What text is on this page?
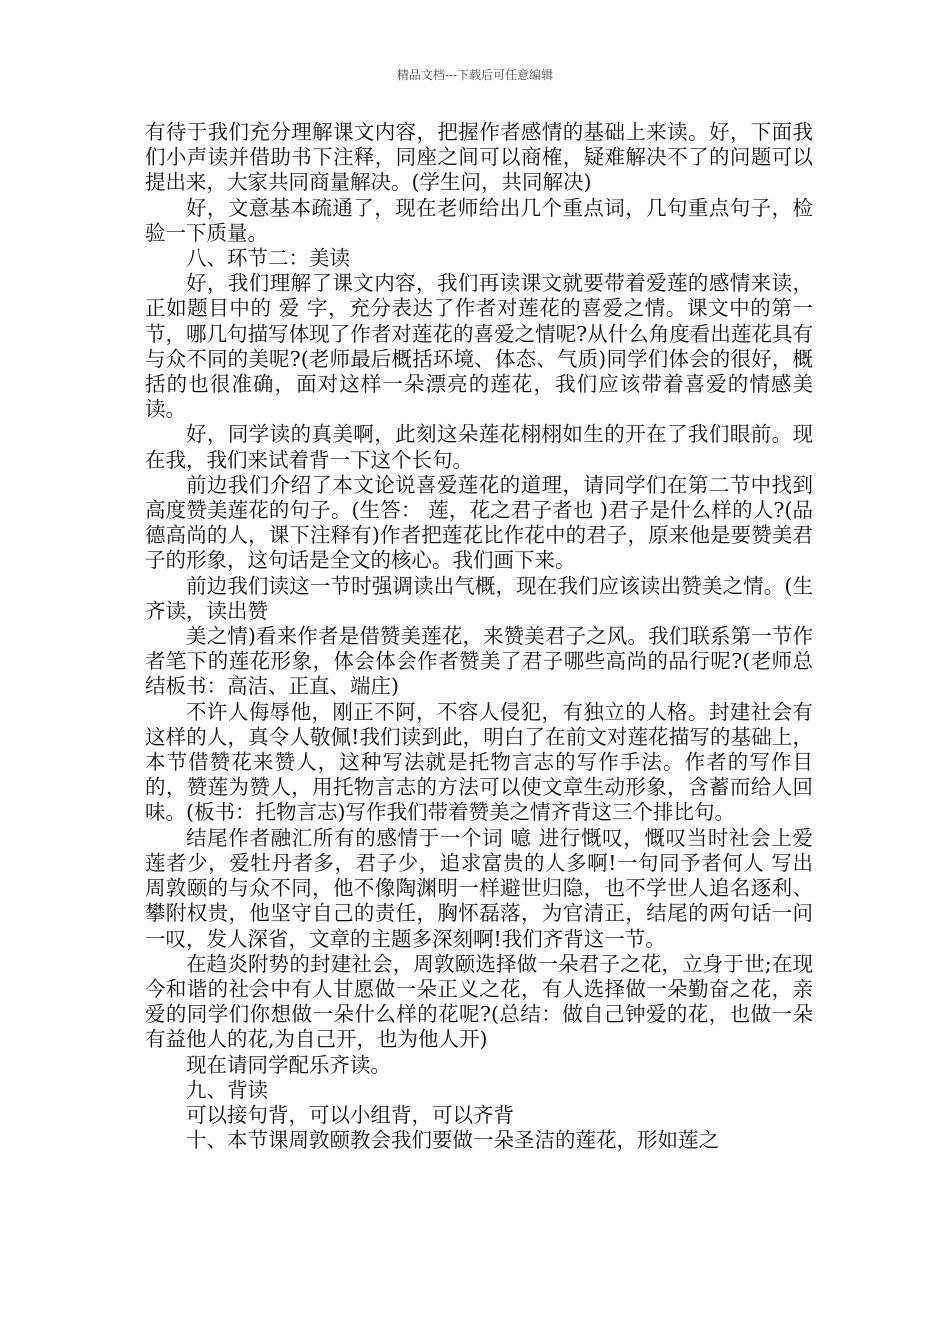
精品文档---下载后可任意编辑

有待于我们充分理解课文内容，把握作者感情的基础上来读。好，下面我们小声读并借助书下注释，同座之间可以商榷，疑难解决不了的问题可以提出来，大家共同商量解决。(学生问，共同解决)

好，文意基本疏通了，现在老师给出几个重点词，几句重点句子，检验一下质量。

八、环节二：美读

好，我们理解了课文内容，我们再读课文就要带着爱莲的感情来读，正如题目中的 爱 字，充分表达了作者对莲花的喜爱之情。课文中的第一节，哪几句描写体现了作者对莲花的喜爱之情呢?从什么角度看出莲花具有与众不同的美呢?(老师最后概括环境、体态、气质)同学们体会的很好，概括的也很准确，面对这样一朵漂亮的莲花，我们应该带着喜爱的情感美读。

好，同学读的真美啊，此刻这朵莲花栩栩如生的开在了我们眼前。现在我，我们来试着背一下这个长句。

前边我们介绍了本文论说喜爱莲花的道理，请同学们在第二节中找到高度赞美莲花的句子。(生答： 莲，花之君子者也 )君子是什么样的人?(品德高尚的人，课下注释有)作者把莲花比作花中的君子，原来他是要赞美君子的形象，这句话是全文的核心。我们画下来。

前边我们读这一节时强调读出气概，现在我们应该读出赞美之情。(生齐读，读出赞

美之情)看来作者是借赞美莲花，来赞美君子之风。我们联系第一节作者笔下的莲花形象，体会体会作者赞美了君子哪些高尚的品行呢?(老师总结板书：高洁、正直、端庄)

不许人侮辱他，刚正不阿，不容人侵犯，有独立的人格。封建社会有这样的人，真令人敬佩!我们读到此，明白了在前文对莲花描写的基础上，本节借赞花来赞人，这种写法就是托物言志的写作手法。作者的写作目的，赞莲为赞人，用托物言志的方法可以使文章生动形象，含蓄而给人回味。(板书：托物言志)写作我们带着赞美之情齐背这三个排比句。

结尾作者融汇所有的感情于一个词 噫 进行慨叹，慨叹当时社会上爱莲者少，爱牡丹者多，君子少，追求富贵的人多啊!一句同予者何人 写出周敦颐的与众不同，他不像陶渊明一样避世归隐，也不学世人追名逐利、攀附权贵，他坚守自己的责任，胸怀磊落，为官清正，结尾的两句话一问一叹，发人深省，文章的主题多深刻啊!我们齐背这一节。

在趋炎附势的封建社会，周敦颐选择做一朵君子之花，立身于世;在现今和谐的社会中有人甘愿做一朵正义之花，有人选择做一朵勤奋之花，亲爱的同学们你想做一朵什么样的花呢?(总结：做自己钟爱的花，也做一朵有益他人的花,为自己开，也为他人开)

现在请同学配乐齐读。

九、背读

可以接句背，可以小组背，可以齐背

十、本节课周敦颐教会我们要做一朵圣洁的莲花，形如莲之
